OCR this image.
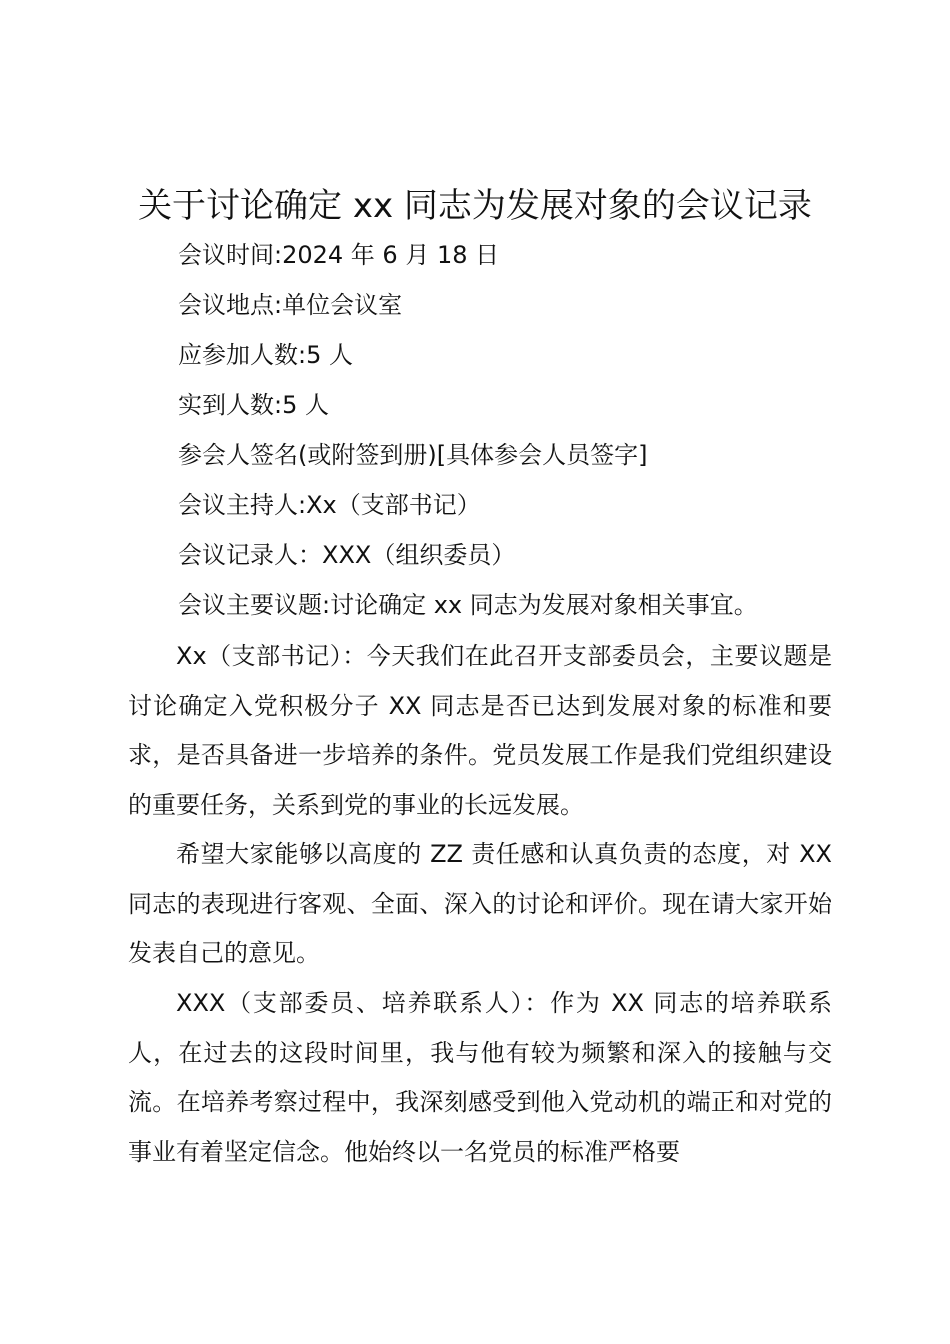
关于讨论确定 xx 同志为发展对象的会议记录

会议时间:2024 年 6 月 18 日

会议地点:单位会议室

应参加人数:5 人

实到人数:5 人

参会人签名(或附签到册)[具体参会人员签字]

会议主持人:Xx（支部书记）

会议记录人：XXX（组织委员）

会议主要议题:讨论确定 xx 同志为发展对象相关事宜。

Xx（支部书记）：今天我们在此召开支部委员会，主要议题是讨论确定入党积极分子 XX 同志是否已达到发展对象的标准和要求，是否具备进一步培养的条件。党员发展工作是我们党组织建设的重要任务，关系到党的事业的长远发展。

希望大家能够以高度的 ZZ 责任感和认真负责的态度，对 XX 同志的表现进行客观、全面、深入的讨论和评价。现在请大家开始发表自己的意见。

XXX（支部委员、培养联系人）：作为 XX 同志的培养联系人，在过去的这段时间里，我与他有较为频繁和深入的接触与交流。在培养考察过程中，我深刻感受到他入党动机的端正和对党的事业有着坚定信念。他始终以一名党员的标准严格要
